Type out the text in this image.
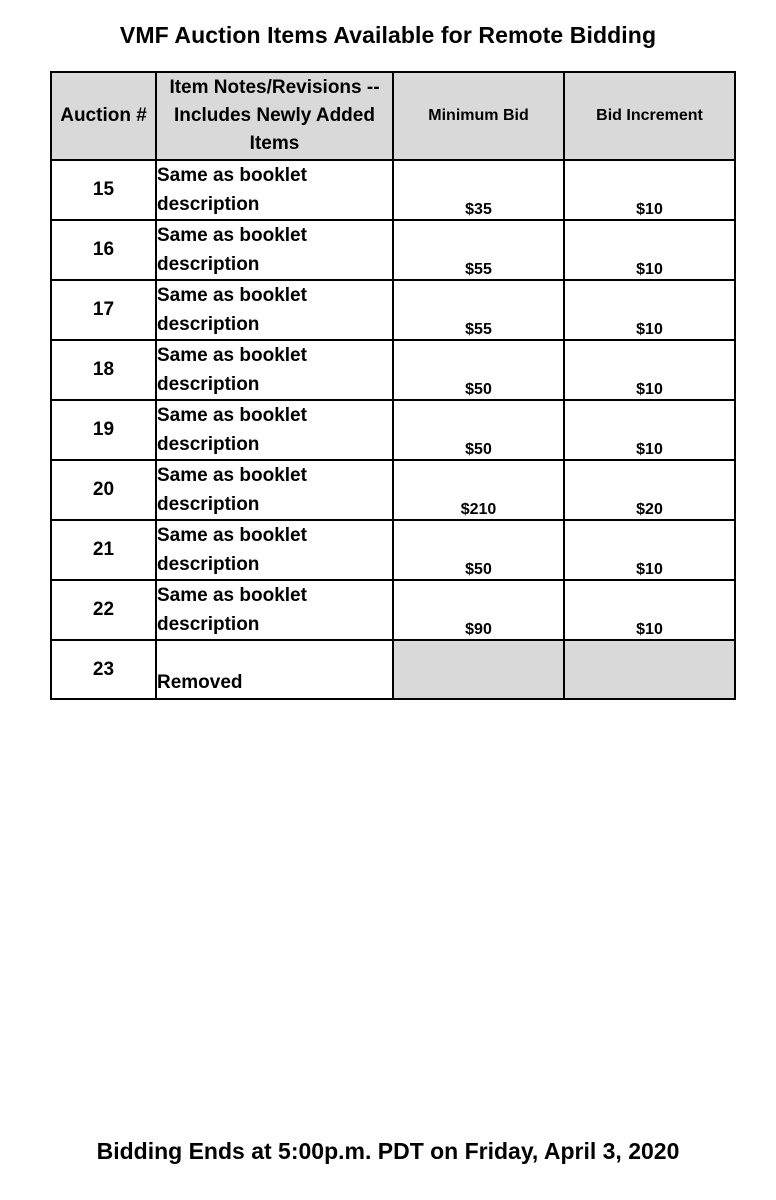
VMF Auction Items Available for Remote Bidding
Auction #	Item Notes/Revisions -- Includes Newly Added Items	Minimum Bid	Bid Increment
15	Same as booklet description	$35	$10
16	Same as booklet description	$55	$10
17	Same as booklet description	$55	$10
18	Same as booklet description	$50	$10
19	Same as booklet description	$50	$10
20	Same as booklet description	$210	$20
21	Same as booklet description	$50	$10
22	Same as booklet description	$90	$10
23	Removed		
Bidding Ends at 5:00p.m. PDT on Friday, April 3, 2020
